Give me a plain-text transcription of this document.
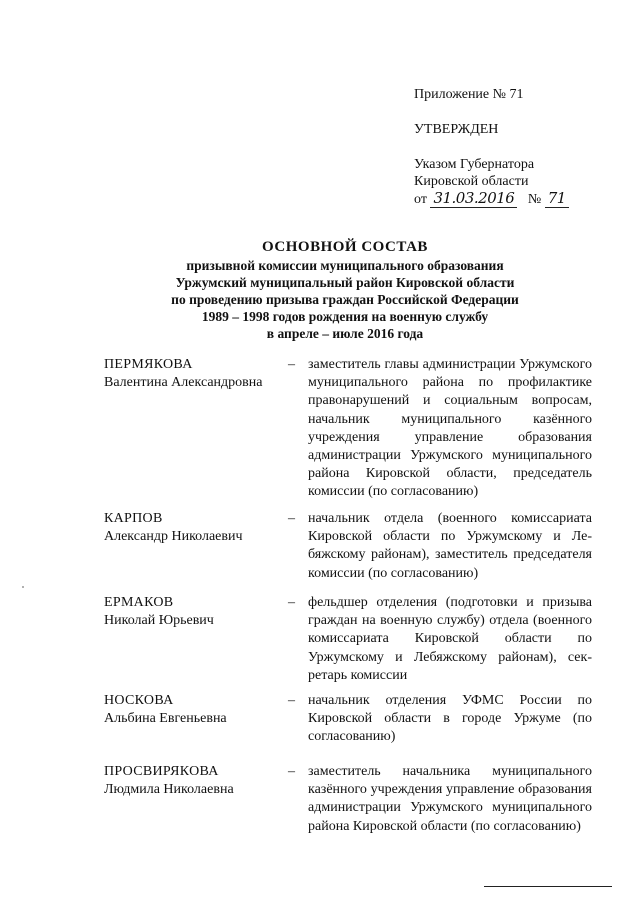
Приложение № 71
УТВЕРЖДЕН
Указом Губернатора
Кировской области
от 31.03.2016 № 71
ОСНОВНОЙ СОСТАВ
призывной комиссии муниципального образования
Уржумский муниципальный район Кировской области
по проведению призыва граждан Российской Федерации
1989 – 1998 годов рождения на военную службу
в апреле – июле 2016 года
ПЕРМЯКОВА
Валентина Александровна
– заместитель главы администрации Уржумского муниципального района по профилактике правонарушений и социальным вопросам, начальник муниципального казённого учреждения управление образования администрации Уржумского муниципального района Кировской области, председатель комиссии (по согласованию)
КАРПОВ
Александр Николаевич
– начальник отдела (военного комиссариата Кировской области по Уржумскому и Лебяжскому районам), заместитель председателя комиссии (по согласованию)
ЕРМАКОВ
Николай Юрьевич
– фельдшер отделения (подготовки и призыва граждан на военную службу) отдела (военного комиссариата Кировской области по Уржумскому и Лебяжскому районам), секретарь комиссии
НОСКОВА
Альбина Евгеньевна
– начальник отделения УФМС России по Кировской области в городе Уржуме (по согласованию)
ПРОСВИРЯКОВА
Людмила Николаевна
– заместитель начальника муниципального казённого учреждения управление образования администрации Уржумского муниципального района Кировской области (по согласованию)
